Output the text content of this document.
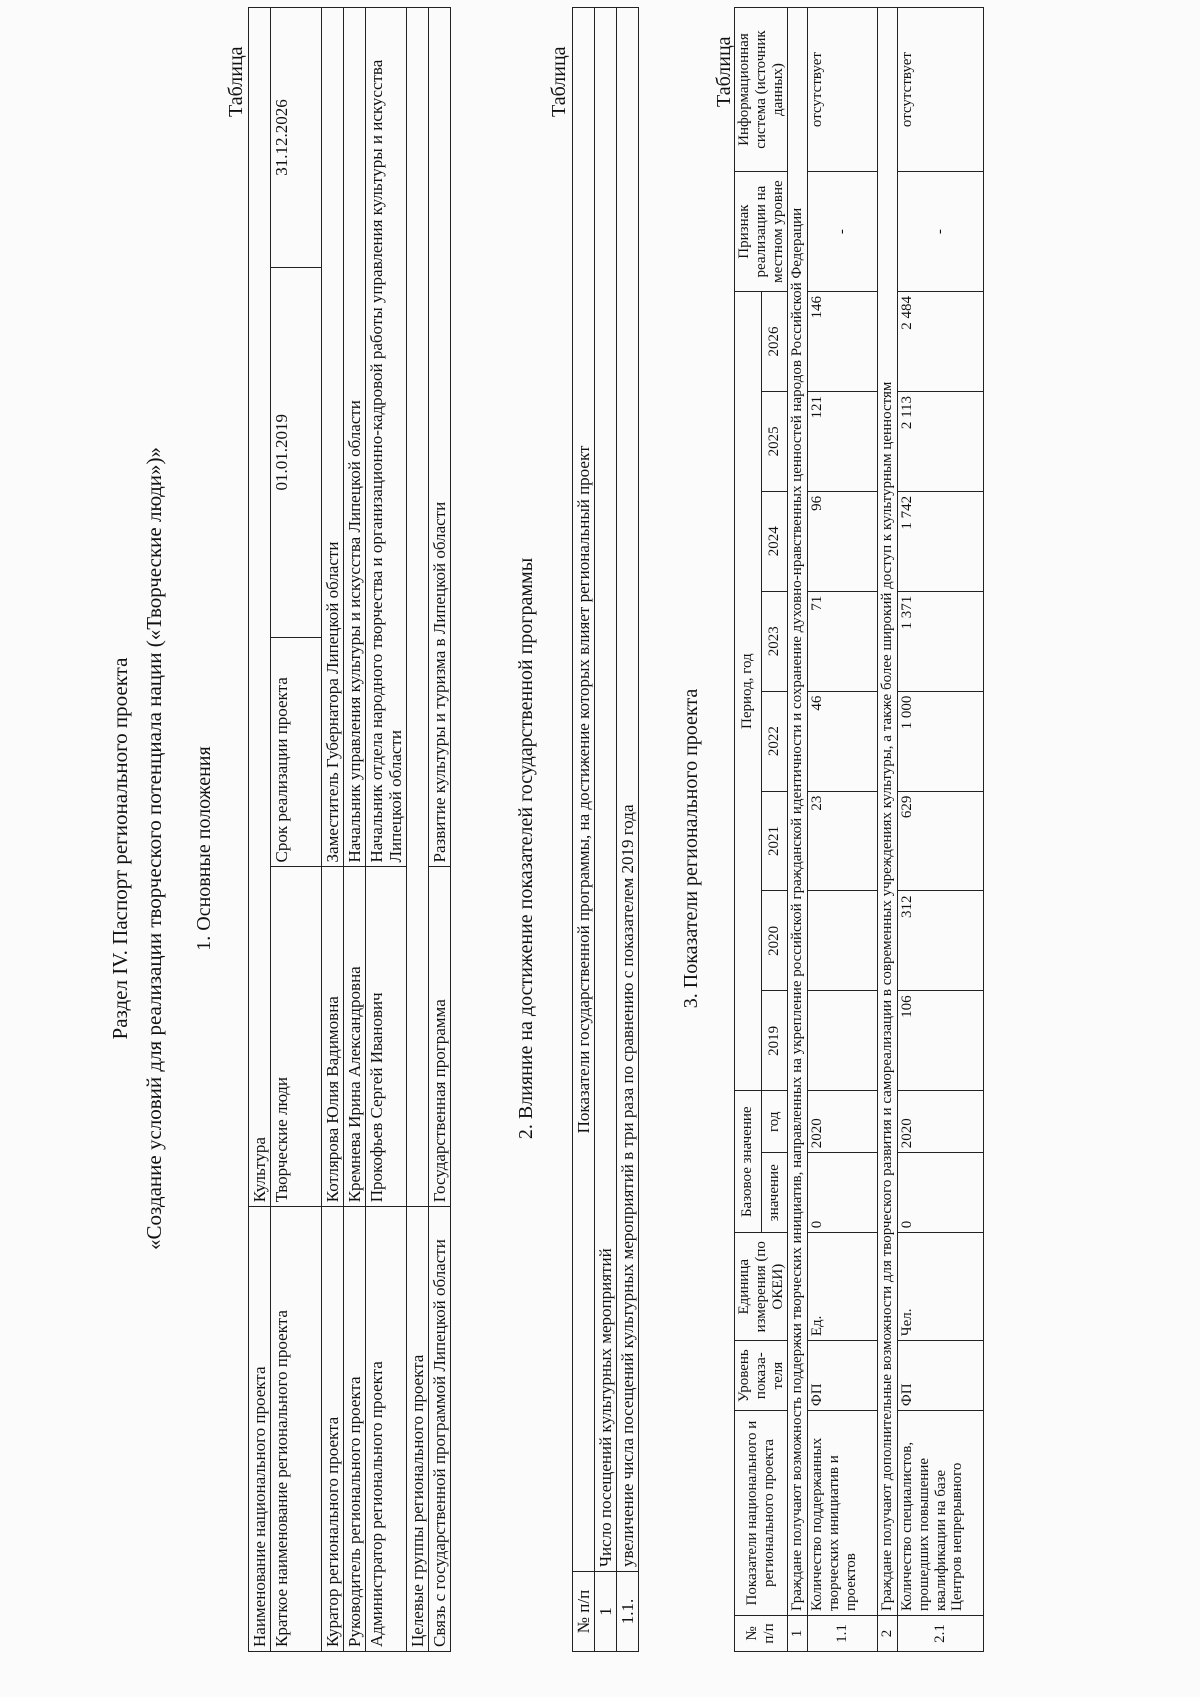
Раздел IV. Паспорт регионального проекта «Создание условий для реализации творческого потенциала нации («Творческие люди»)» 1. Основные положения
Таблица
Наименование национального проекта	Культура			
Краткое наименование регионального проекта	Творческие люди	Срок реализации проекта	01.01.2019	31.12.2026
Куратор регионального проекта	Котлярова Юлия Вадимовна	Заместитель Губернатора Липецкой области		
Руководитель регионального проекта	Кремнева Ирина Александровна	Начальник управления культуры и искусства Липецкой области		
Администратор регионального проекта	Прокофьев Сергей Иванович	Начальник отдела народного творчества и организационно-кадровой работы управления культуры и искусства Липецкой области		
Целевые группы регионального проекта				
Связь с государственной программой Липецкой области	Государственная программа	Развитие культуры и туризма в Липецкой области			2. Влияние на достижение показателей государственной программы
Таблица
№ п/п	Показатели государственной программы, на достижение которых влияет региональный проект
1	Число посещений культурных мероприятий
1.1.	увеличение числа посещений культурных мероприятий в три раза по сравнению с показателем 2019 года 3. Показатели регионального проекта
Таблица
№ п/п	Показатели национального и регионального проекта	Уровень показа-теля	Единица измерения (по ОКЕИ)	Базовое значение		Период, год								Признак реализации на местном уровне	Информационная система (источник данных)
				значение	год	2019	2020	2021	2022	2023	2024	2025	2026		
1	Граждане получают возможность поддержки творческих инициатив, направленных на укрепление российской гражданской идентичности и сохранение духовно-нравственных ценностей народов Российской Федерации														
1.1	Количество поддержанных творческих инициатив и проектов	ФП	Ед.	0	2020			23	46	71	96	121	146	-	отсутствует
2	Граждане получают дополнительные возможности для творческого развития и самореализации в современных учреждениях культуры, а также более широкий доступ к культурным ценностям														
2.1	Количество специалистов, прошедших повышение квалификации на базе Центров непрерывного	ФП	Чел.	0	2020	106	312	629	1 000	1 371	1 742	2 113	2 484	-	отсутствует
